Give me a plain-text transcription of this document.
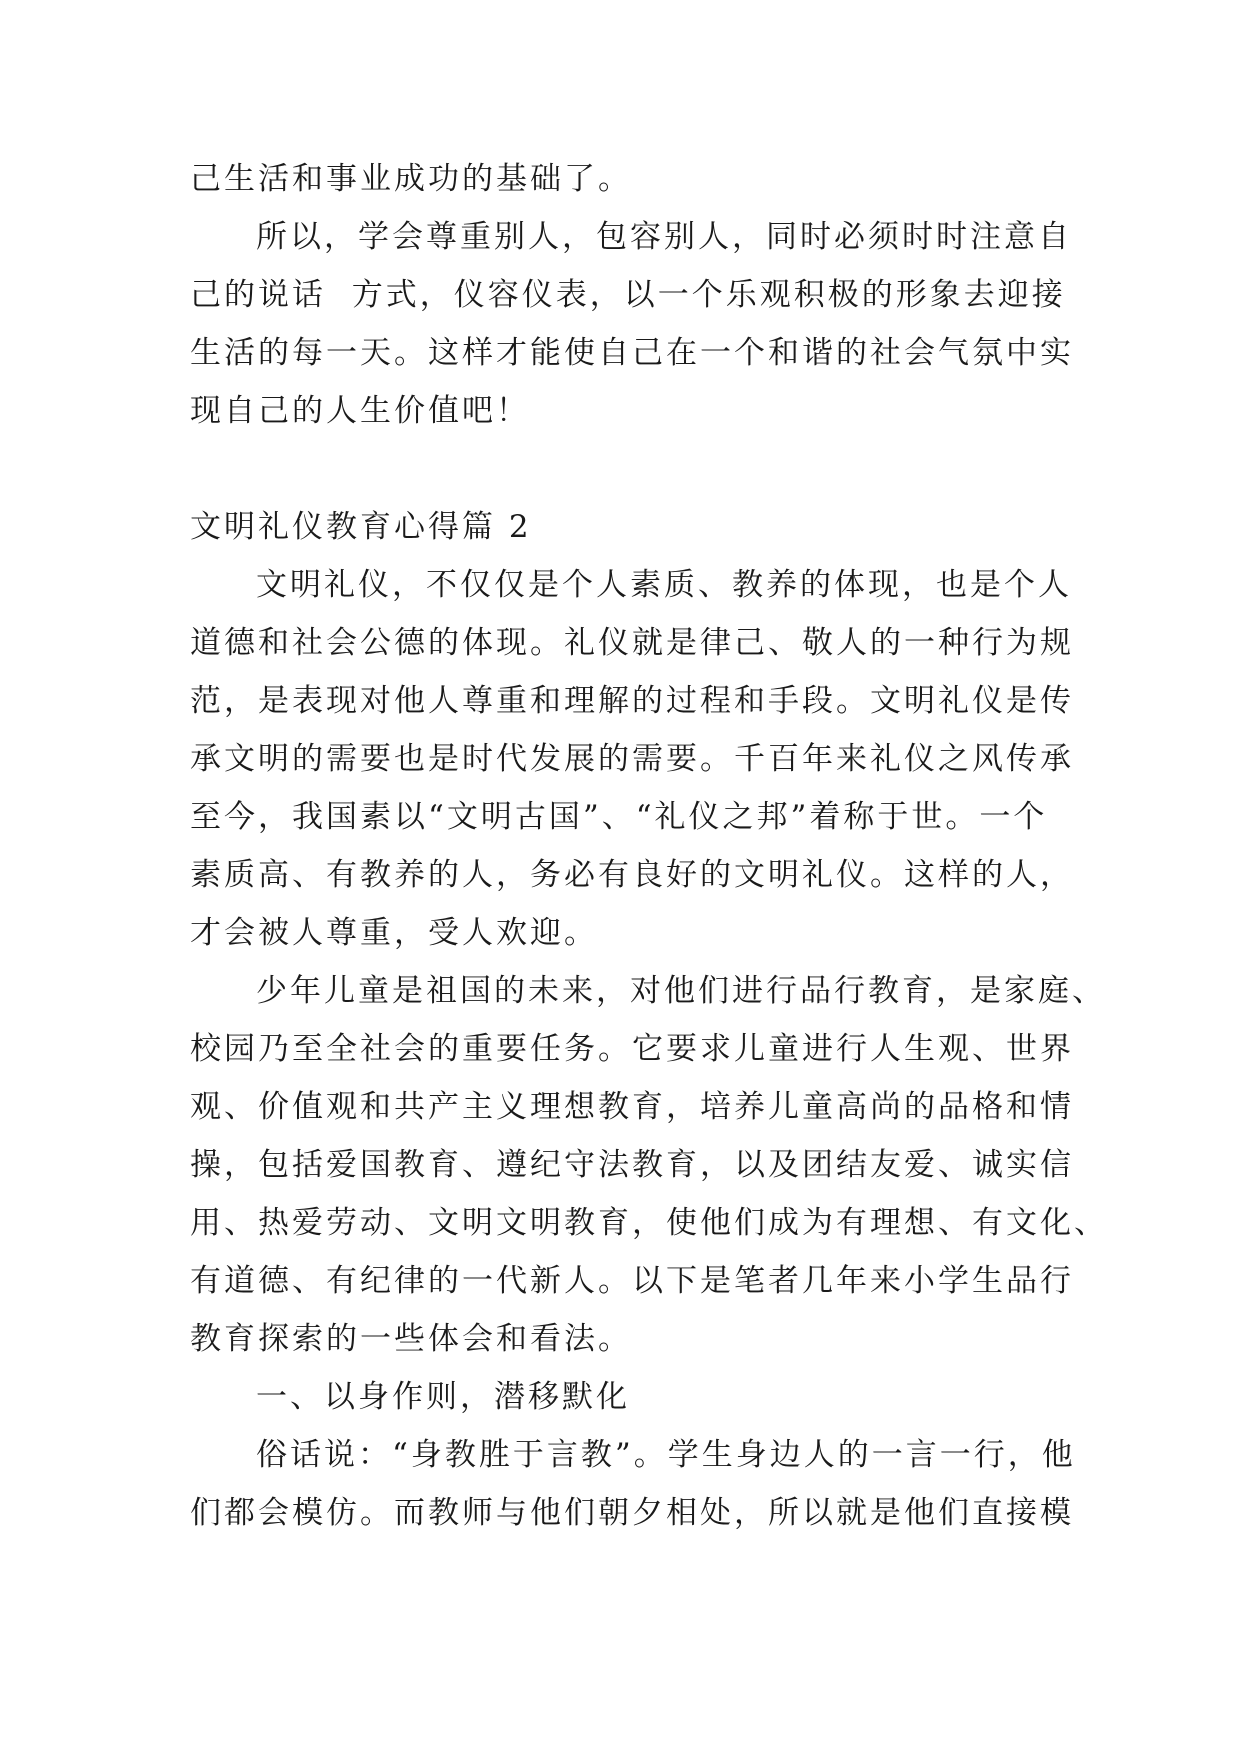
己生活和事业成功的基础了。
所以，学会尊重别人，包容别人，同时必须时时注意自
己的说话  方式，仪容仪表，以一个乐观积极的形象去迎接
生活的每一天。这样才能使自己在一个和谐的社会气氛中实
现自己的人生价值吧！
文明礼仪教育心得篇 2
文明礼仪，不仅仅是个人素质、教养的体现，也是个人
道德和社会公德的体现。礼仪就是律己、敬人的一种行为规
范，是表现对他人尊重和理解的过程和手段。文明礼仪是传
承文明的需要也是时代发展的需要。千百年来礼仪之风传承
至今，我国素以“文明古国”、“礼仪之邦”着称于世。一个
素质高、有教养的人，务必有良好的文明礼仪。这样的人，
才会被人尊重，受人欢迎。
少年儿童是祖国的未来，对他们进行品行教育，是家庭、
校园乃至全社会的重要任务。它要求儿童进行人生观、世界
观、价值观和共产主义理想教育，培养儿童高尚的品格和情
操，包括爱国教育、遵纪守法教育，以及团结友爱、诚实信
用、热爱劳动、文明文明教育，使他们成为有理想、有文化、
有道德、有纪律的一代新人。以下是笔者几年来小学生品行
教育探索的一些体会和看法。
一、以身作则，潜移默化
俗话说：“身教胜于言教”。学生身边人的一言一行，他
们都会模仿。而教师与他们朝夕相处，所以就是他们直接模
